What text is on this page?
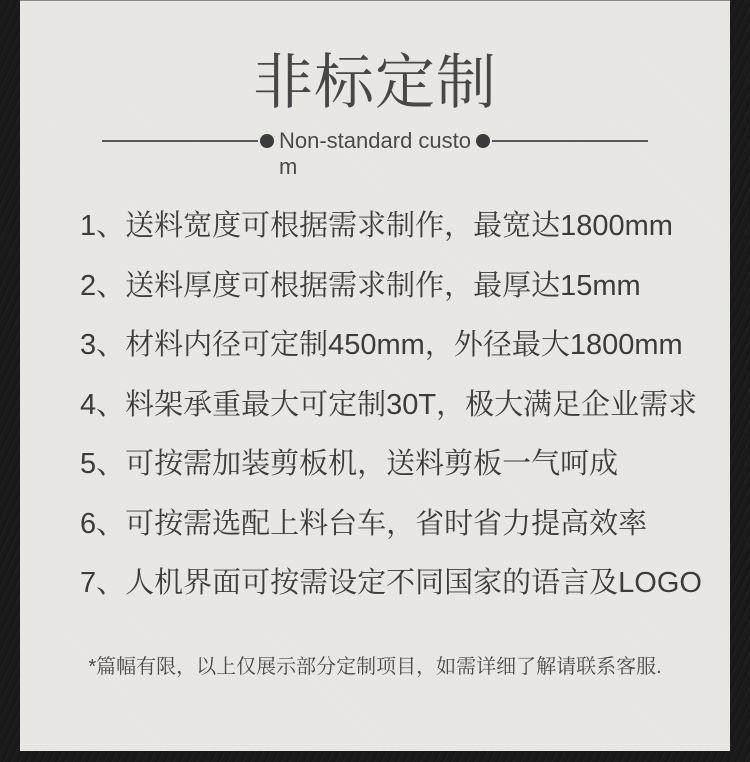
非标定制
Non-standard custo
m
1、送料宽度可根据需求制作，最宽达1800mm
2、送料厚度可根据需求制作，最厚达15mm
3、材料内径可定制450mm，外径最大1800mm
4、料架承重最大可定制30T，极大满足企业需求
5、可按需加装剪板机，送料剪板一气呵成
6、可按需选配上料台车，省时省力提高效率
7、人机界面可按需设定不同国家的语言及LOGO
*篇幅有限，以上仅展示部分定制项目，如需详细了解请联系客服.
